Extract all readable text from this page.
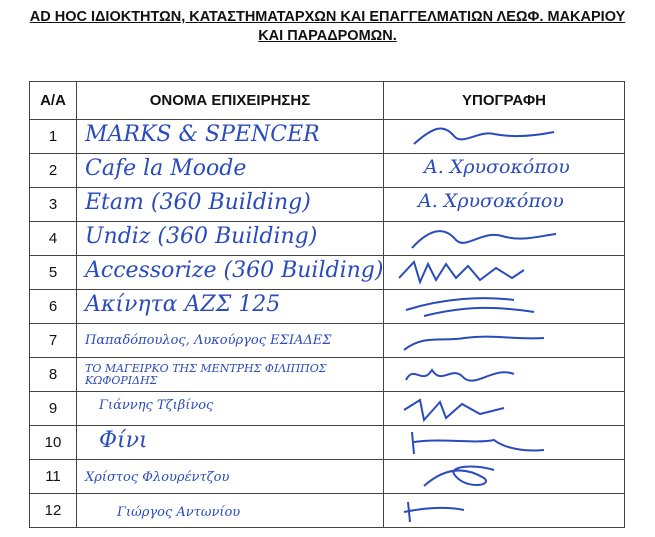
AD HOC ΙΔΙΟΚΤΗΤΩΝ, ΚΑΤΑΣΤΗΜΑΤΑΡΧΩΝ ΚΑΙ ΕΠΑΓΓΕΛΜΑΤΙΩΝ ΛΕΩΦ. ΜΑΚΑΡΙΟΥ ΚΑΙ ΠΑΡΑΔΡΟΜΩΝ.
Α/Α	ΟΝΟΜΑ ΕΠΙΧΕΙΡΗΣΗΣ	ΥΠΟΓΡΑΦΗ
1	MARKS & SPENCER

2	Cafe la Moode	Α. Χρυσοκόπου

3	Etam (360 Building)	Α. Χρυσοκόπου

4	Undiz (360 Building)

5	Accessorize (360 Building)

6	Ακίνητα ΑΖΣ 125

7	Παπαδόπουλος, Λυκούργος ΕΣΙΑΔΕΣ

8	ΤΟ ΜΑΓΕΙΡΚΟ ΤΗΣ ΜΕΝΤΡΗΣ ΦΙΛΙΠΠΟΣ ΚΩΦΟΡΙΔΗΣ

9	Γιάννης Τζιβίνος

10	Φίνι

11	Χρίστος Φλουρέντζου

12	Γιώργος Αντωνίου
